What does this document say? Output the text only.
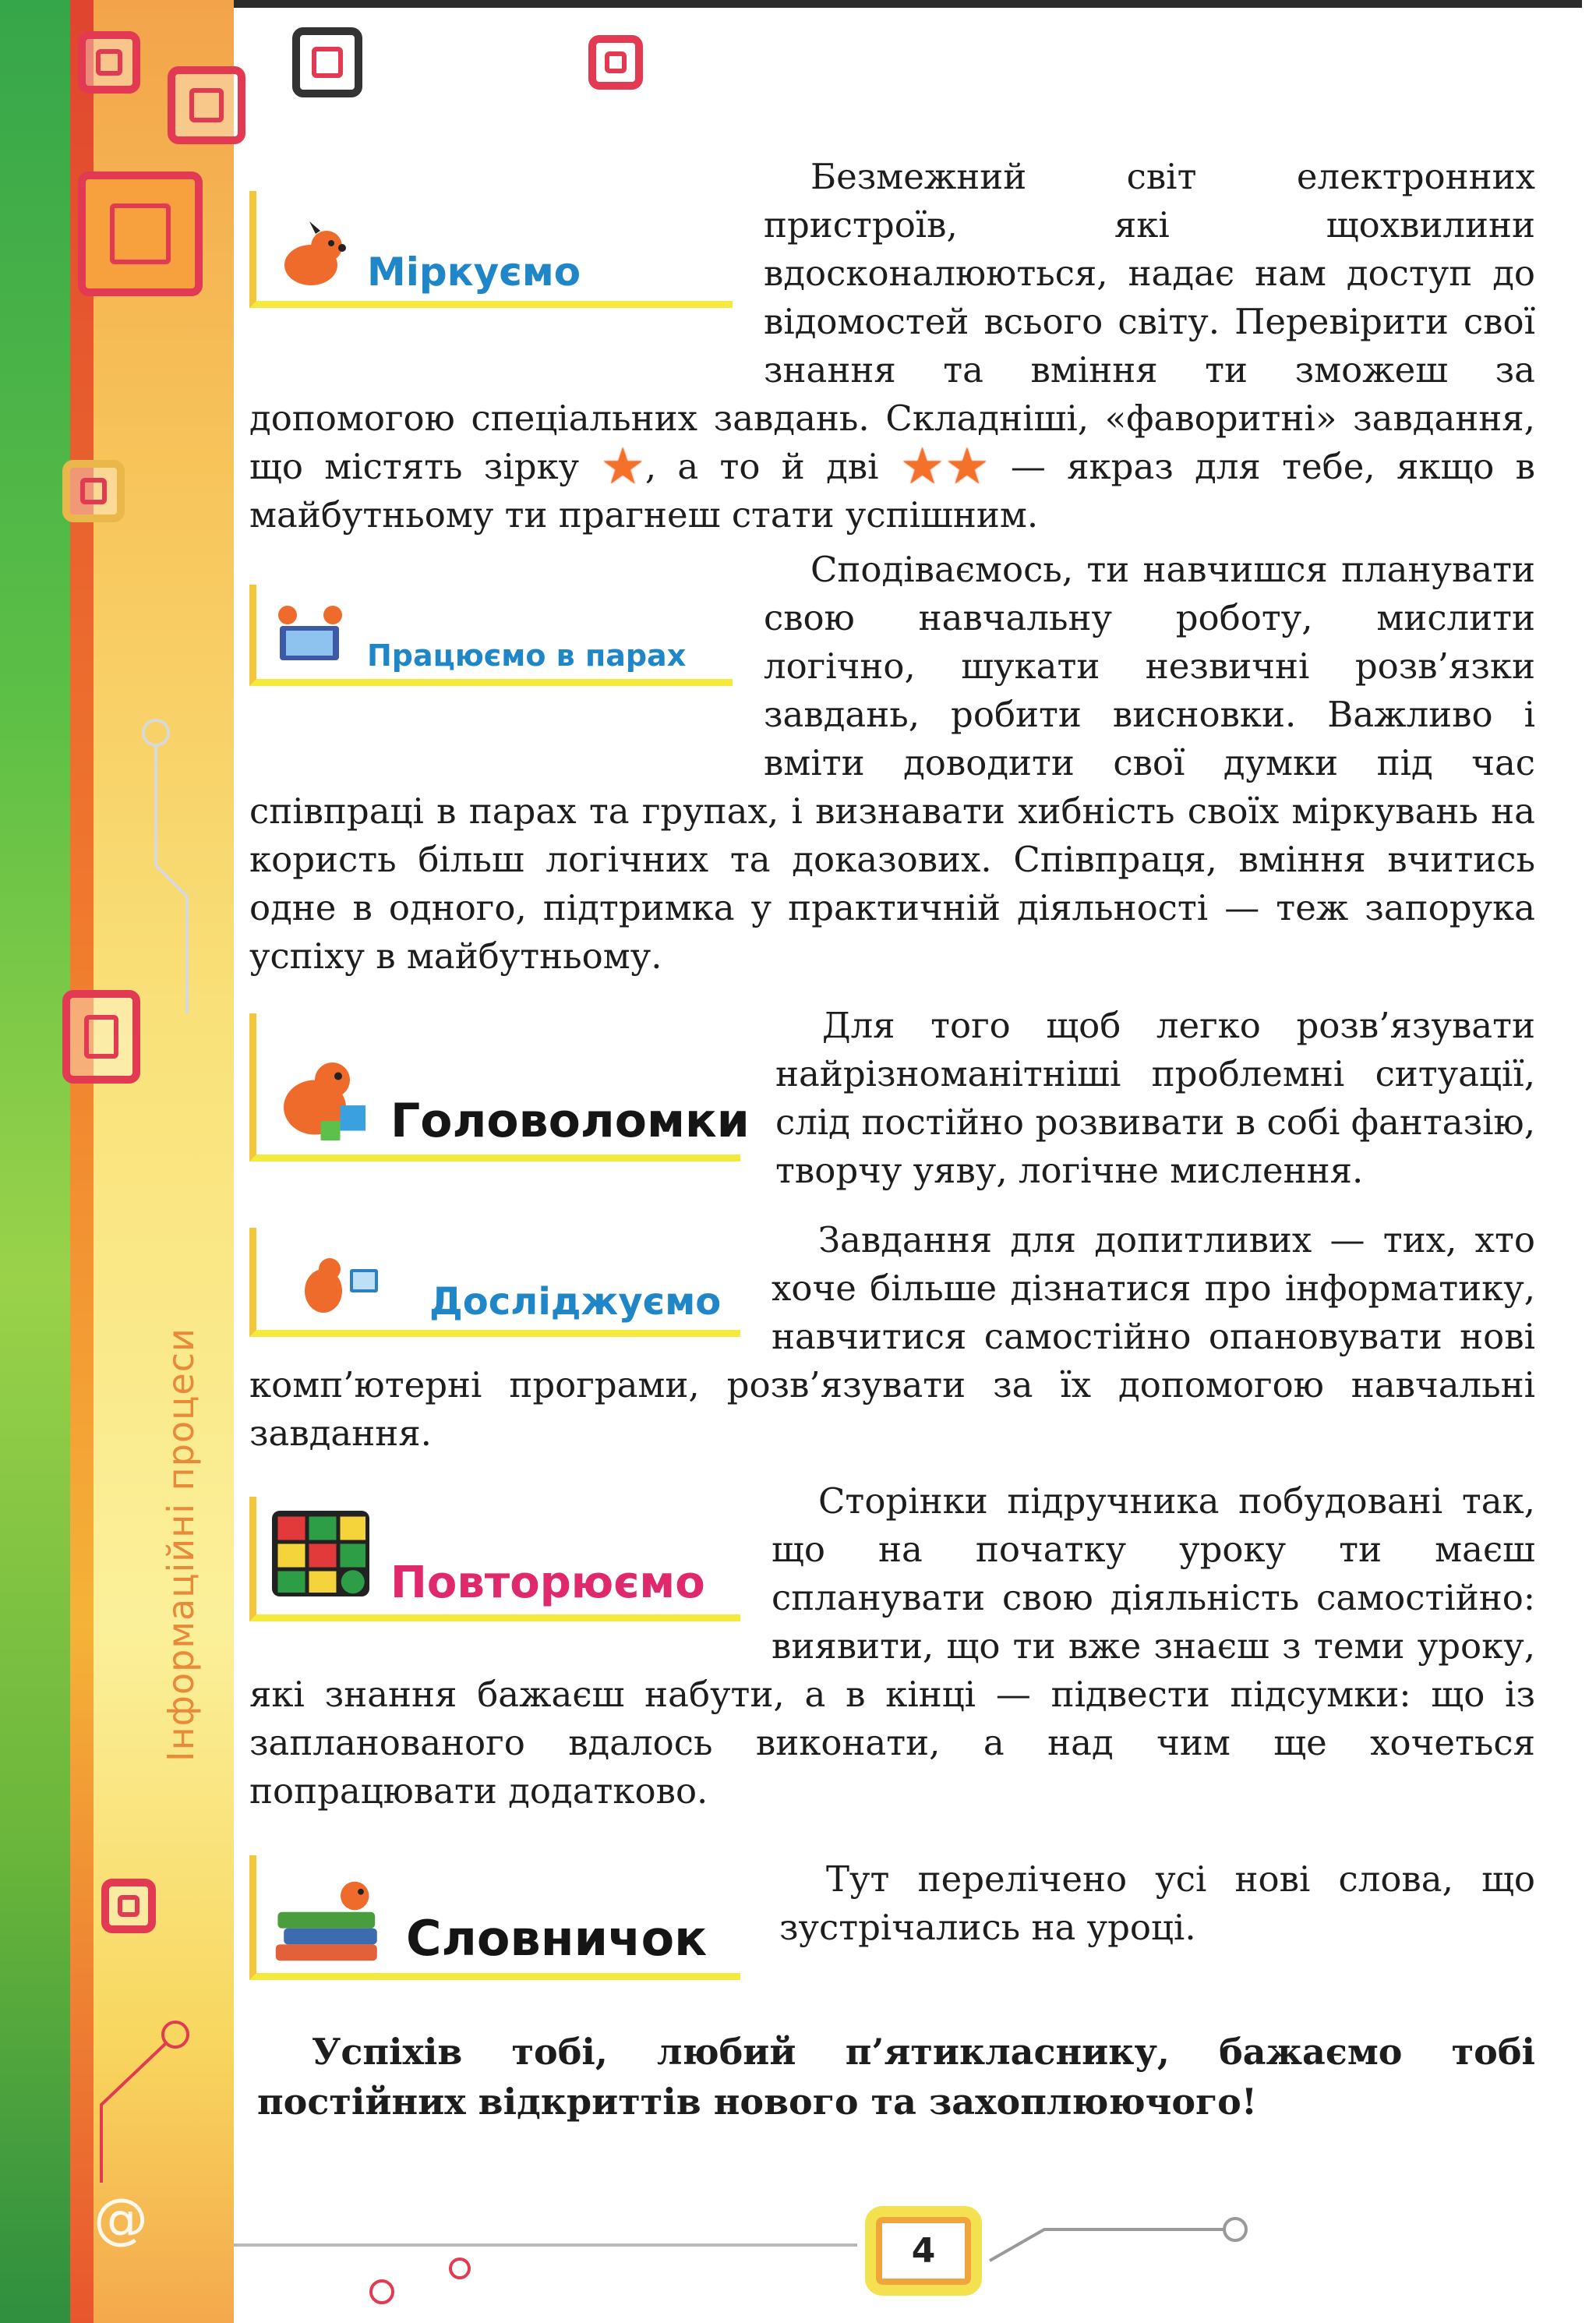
@
Інформаційні процеси
Міркуємо
Працюємо в парах
Головоломки
Досліджуємо
Повторюємо
Словничок

Безмежний світ електронних пристроїв, які щохвилини вдосконалюються, надає нам доступ до відомостей всього світу. Перевірити свої знання та вміння ти зможеш за допомогою спеціальних завдань. Складніші, «фаворитні» завдання, що містять зірку ★, а то й дві ★★ — якраз для тебе, якщо в майбутньому ти прагнеш стати успішним.

Сподіваємось, ти навчишся планувати свою навчальну роботу, мислити логічно, шукати незвичні розв’язки завдань, робити висновки. Важливо і вміти доводити свої думки під час співпраці в парах та групах, і визнавати хибність своїх міркувань на користь більш логічних та доказових. Співпраця, вміння вчитись одне в одного, підтримка у практичній діяльності — теж запорука успіху в майбутньому.

Для того щоб легко розв’язувати найрізноманітніші проблемні ситуації, слід постійно розвивати в собі фантазію, творчу уяву, логічне мислення.

Завдання для допитливих — тих, хто хоче більше дізнатися про інформатику, навчитися самостійно опановувати нові комп’ютерні програми, розв’язувати за їх допомогою навчальні завдання.

Сторінки підручника побудовані так, що на початку уроку ти маєш спланувати свою діяльність самостійно: виявити, що ти вже знаєш з теми уроку, які знання бажаєш набути, а в кінці — підвести підсумки: що із запланованого вдалось виконати, а над чим ще хочеться попрацювати додатково.

Тут перелічено усі нові слова, що зустрічались на уроці.

Успіхів тобі, любий п’ятикласнику, бажаємо тобі постійних відкриттів нового та захоплюючого!

4
